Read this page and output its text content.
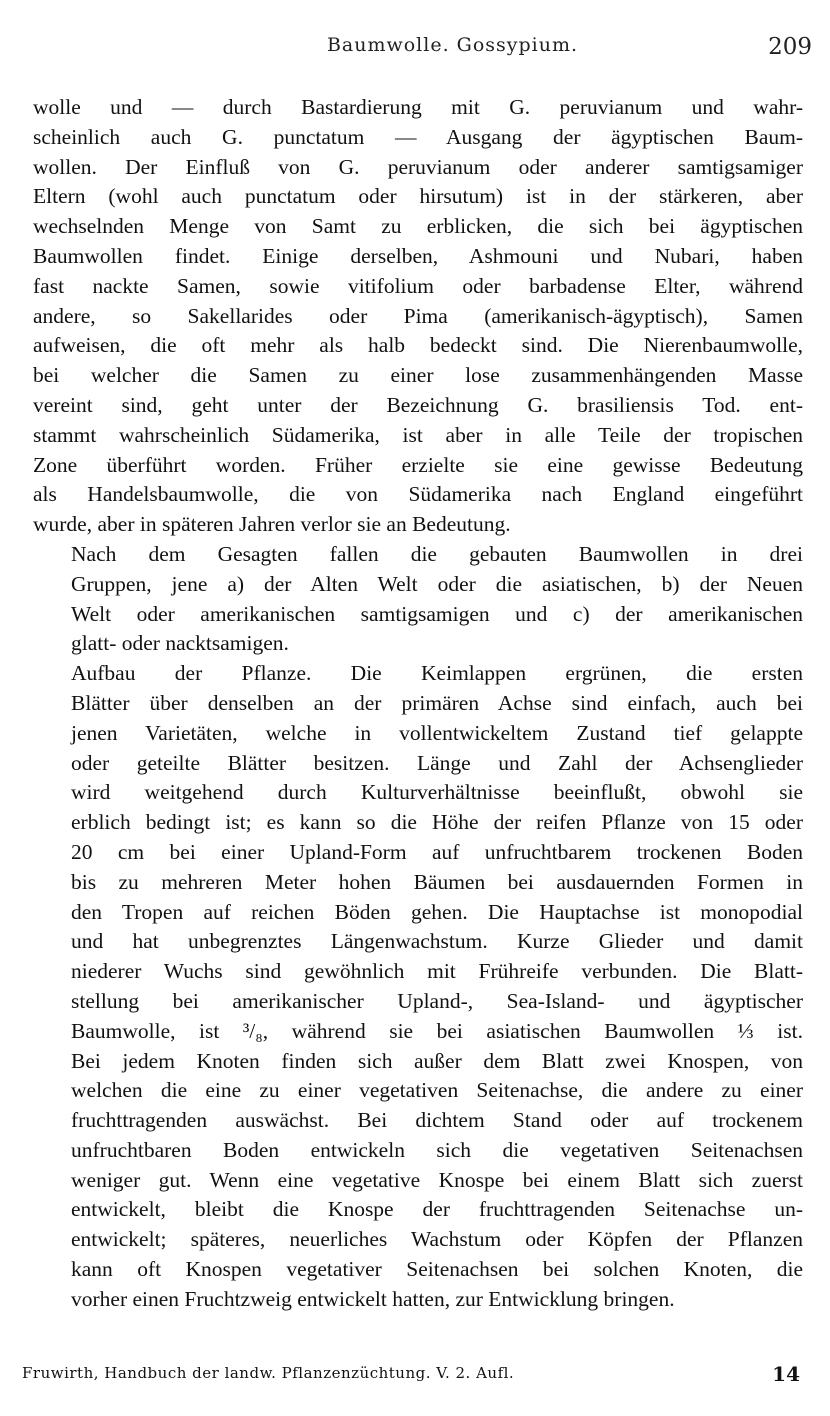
Baumwolle. Gossypium.	209

wolle und — durch Bastardierung mit G. peruvianum und wahr-
scheinlich auch G. punctatum — Ausgang der ägyptischen Baum-
wollen. Der Einfluß von G. peruvianum oder anderer samtigsamiger
Eltern (wohl auch punctatum oder hirsutum) ist in der stärkeren, aber
wechselnden Menge von Samt zu erblicken, die sich bei ägyptischen
Baumwollen findet. Einige derselben, Ashmouni und Nubari, haben
fast nackte Samen, sowie vitifolium oder barbadense Elter, während
andere, so Sakellarides oder Pima (amerikanisch-ägyptisch), Samen
aufweisen, die oft mehr als halb bedeckt sind. Die Nierenbaumwolle,
bei welcher die Samen zu einer lose zusammenhängenden Masse
vereint sind, geht unter der Bezeichnung G. brasiliensis Tod. ent-
stammt wahrscheinlich Südamerika, ist aber in alle Teile der tropischen
Zone überführt worden. Früher erzielte sie eine gewisse Bedeutung
als Handelsbaumwolle, die von Südamerika nach England eingeführt
wurde, aber in späteren Jahren verlor sie an Bedeutung.

Nach dem Gesagten fallen die gebauten Baumwollen in drei
Gruppen, jene a) der Alten Welt oder die asiatischen, b) der Neuen
Welt oder amerikanischen samtigsamigen und c) der amerikanischen
glatt- oder nacktsamigen.

Aufbau der Pflanze. Die Keimlappen ergrünen, die ersten
Blätter über denselben an der primären Achse sind einfach, auch bei
jenen Varietäten, welche in vollentwickeltem Zustand tief gelappte
oder geteilte Blätter besitzen. Länge und Zahl der Achsenglieder
wird weitgehend durch Kulturverhältnisse beeinflußt, obwohl sie
erblich bedingt ist; es kann so die Höhe der reifen Pflanze von 15 oder
20 cm bei einer Upland-Form auf unfruchtbarem trockenen Boden
bis zu mehreren Meter hohen Bäumen bei ausdauernden Formen in
den Tropen auf reichen Böden gehen. Die Hauptachse ist monopodial
und hat unbegrenztes Längenwachstum. Kurze Glieder und damit
niederer Wuchs sind gewöhnlich mit Frühreife verbunden. Die Blatt-
stellung bei amerikanischer Upland-, Sea-Island- und ägyptischer
Baumwolle, ist ³/₈, während sie bei asiatischen Baumwollen ⅓ ist.
Bei jedem Knoten finden sich außer dem Blatt zwei Knospen, von
welchen die eine zu einer vegetativen Seitenachse, die andere zu einer
fruchttragenden auswächst. Bei dichtem Stand oder auf trockenem
unfruchtbaren Boden entwickeln sich die vegetativen Seitenachsen
weniger gut. Wenn eine vegetative Knospe bei einem Blatt sich zuerst
entwickelt, bleibt die Knospe der fruchttragenden Seitenachse un-
entwickelt; späteres, neuerliches Wachstum oder Köpfen der Pflanzen
kann oft Knospen vegetativer Seitenachsen bei solchen Knoten, die
vorher einen Fruchtzweig entwickelt hatten, zur Entwicklung bringen.

Fruwirth, Handbuch der landw. Pflanzenzüchtung. V. 2. Aufl.	14
